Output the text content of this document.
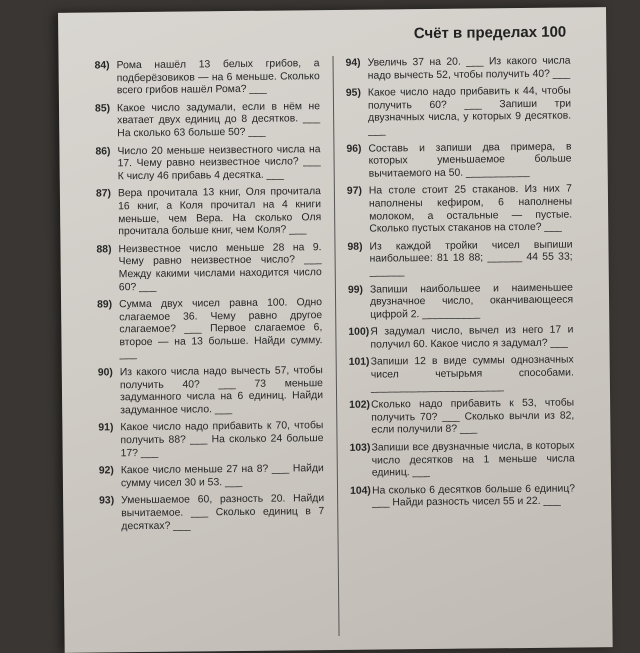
Счёт в пределах 100
84) Рома нашёл 13 белых грибов, а подберёзовиков — на 6 меньше. Сколько всего грибов нашёл Рома? ___
85) Какое число задумали, если в нём не хватает двух единиц до 8 десятков. ___ На сколько 63 больше 50? ___
86) Число 20 меньше неизвестного числа на 17. Чему равно неизвестное число? ___ К числу 46 прибавь 4 десятка. ___
87) Вера прочитала 13 книг, Оля прочитала 16 книг, а Коля прочитал на 4 книги меньше, чем Вера. На сколько Оля прочитала больше книг, чем Коля? ___
88) Неизвестное число меньше 28 на 9. Чему равно неизвестное число? ___ Между какими числами находится число 60? ___
89) Сумма двух чисел равна 100. Одно слагаемое 36. Чему равно другое слагаемое? ___ Первое слагаемое 6, второе — на 13 больше. Найди сумму. ___
90) Из какого числа надо вычесть 57, чтобы получить 40? ___ 73 меньше задуманного числа на 6 единиц. Найди задуманное число. ___
91) Какое число надо прибавить к 70, чтобы получить 88? ___ На сколько 24 больше 17? ___
92) Какое число меньше 27 на 8? ___ Найди сумму чисел 30 и 53. ___
93) Уменьшаемое 60, разность 20. Найди вычитаемое. ___ Сколько единиц в 7 десятках? ___
94) Увеличь 37 на 20. ___ Из какого числа надо вычесть 52, чтобы получить 40? ___
95) Какое число надо прибавить к 44, чтобы получить 60? ___ Запиши три двузначных числа, у которых 9 десятков. ___
96) Составь и запиши два примера, в которых уменьшаемое больше вычитаемого на 50. ___________
97) На столе стоит 25 стаканов. Из них 7 наполнены кефиром, 6 наполнены молоком, а остальные — пустые. Сколько пустых стаканов на столе? ___
98) Из каждой тройки чисел выпиши наибольшее: 81 18 88; ______ 44 55 33; ______
99) Запиши наибольшее и наименьшее двузначное число, оканчивающееся цифрой 2. __________
100) Я задумал число, вычел из него 17 и получил 60. Какое число я задумал? ___
101) Запиши 12 в виде суммы однозначных чисел четырьмя способами. _______________________
102) Сколько надо прибавить к 53, чтобы получить 70? ___ Сколько вычли из 82, если получили 8? ___
103) Запиши все двузначные числа, в которых число десятков на 1 меньше числа единиц. ___
104) На сколько 6 десятков больше 6 единиц? ___ Найди разность чисел 55 и 22. ___
